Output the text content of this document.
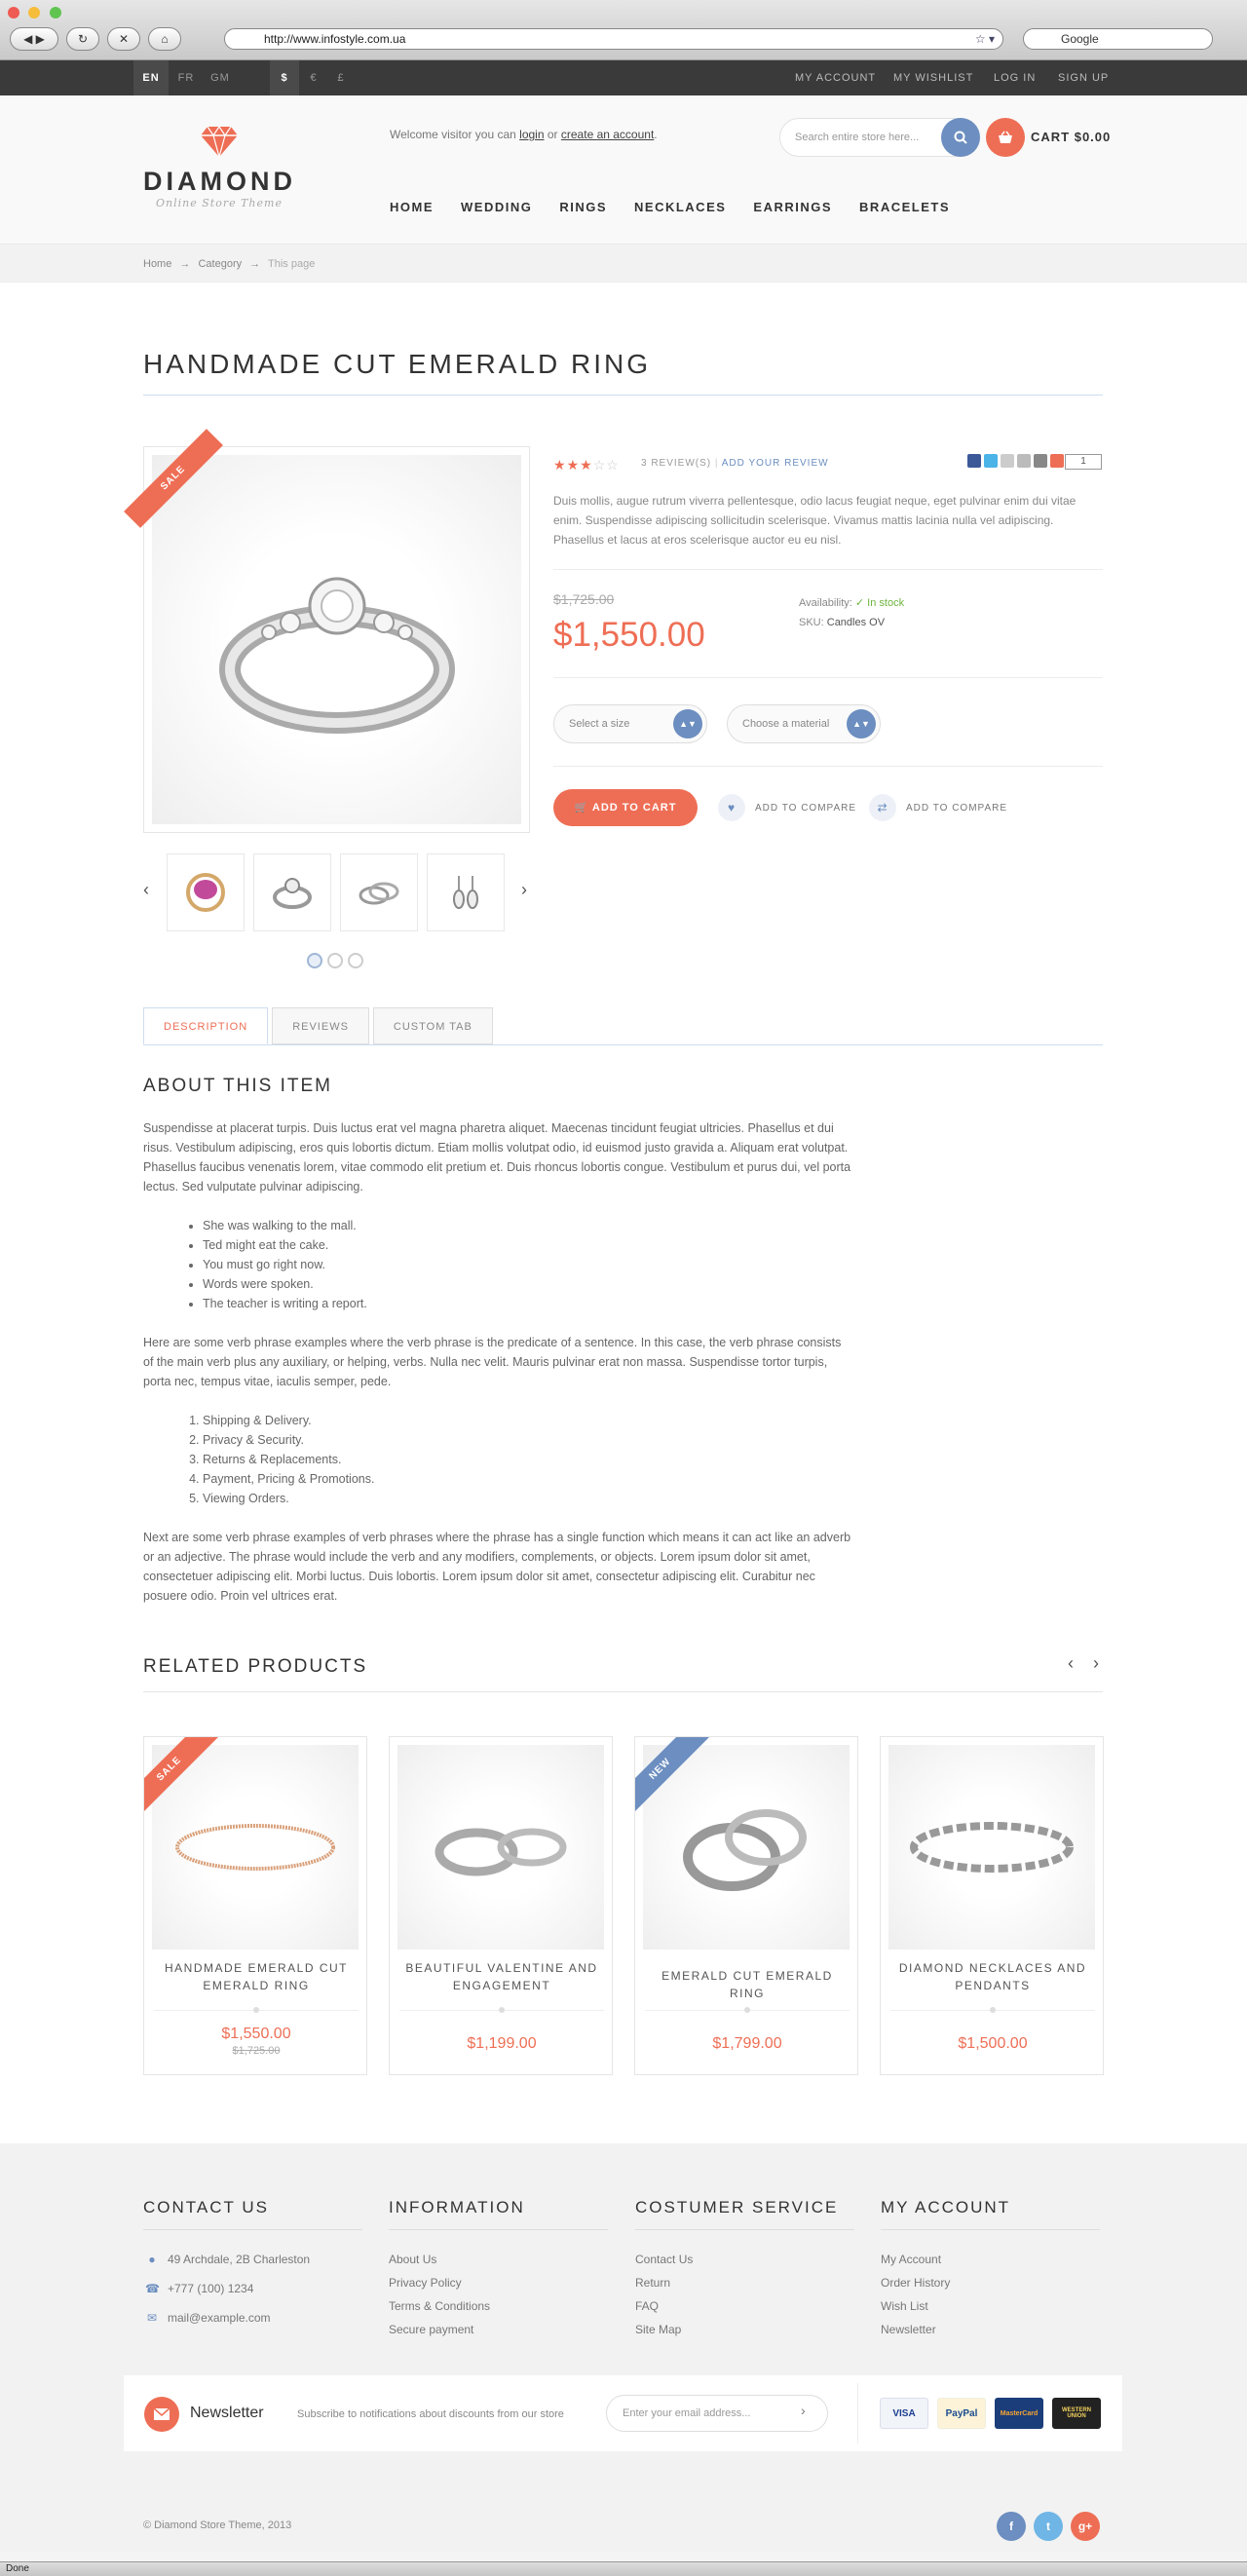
◀ ▶	↻	✕	⌂	http://www.infostyle.com.ua	☆ ▾	Google
EN	FR	GM	$	€	£	MY ACCOUNT MY WISHLIST LOG IN SIGN UP
DIAMOND
Online Store Theme
Welcome visitor you can login or create an account.	Search entire store here...	CART $0.00
HOME WEDDING RINGS NECKLACES EARRINGS BRACELETS
Home → Category → This page
HANDMADE CUT EMERALD RING
SALE
‹	›
★★★☆☆ 3 REVIEW(S) | ADD YOUR REVIEW	1
Duis mollis, augue rutrum viverra pellentesque, odio lacus feugiat neque, eget pulvinar enim dui vitae enim. Suspendisse adipiscing sollicitudin scelerisque. Vivamus mattis lacinia nulla vel adipiscing. Phasellus et lacus at eros scelerisque auctor eu eu nisl.
$1,725.00
$1,550.00
Availability: ✓ In stock
SKU: Candles OV
Select a size	▲▼	Choose a material	▲▼
🛒 ADD TO CART	♥	ADD TO COMPARE	⇄	ADD TO COMPARE
DESCRIPTION	REVIEWS	CUSTOM TAB
ABOUT THIS ITEM
Suspendisse at placerat turpis. Duis luctus erat vel magna pharetra aliquet. Maecenas tincidunt feugiat ultricies. Phasellus et dui risus. Vestibulum adipiscing, eros quis lobortis dictum. Etiam mollis volutpat odio, id euismod justo gravida a. Aliquam erat volutpat. Phasellus faucibus venenatis lorem, vitae commodo elit pretium et. Duis rhoncus lobortis congue. Vestibulum et purus dui, vel porta lectus. Sed vulputate pulvinar adipiscing.
• She was walking to the mall.
• Ted might eat the cake.
• You must go right now.
• Words were spoken.
• The teacher is writing a report.
Here are some verb phrase examples where the verb phrase is the predicate of a sentence. In this case, the verb phrase consists of the main verb plus any auxiliary, or helping, verbs. Nulla nec velit. Mauris pulvinar erat non massa. Suspendisse tortor turpis, porta nec, tempus vitae, iaculis semper, pede.
1. Shipping & Delivery.
2. Privacy & Security.
3. Returns & Replacements.
4. Payment, Pricing & Promotions.
5. Viewing Orders.
Next are some verb phrase examples of verb phrases where the phrase has a single function which means it can act like an adverb or an adjective. The phrase would include the verb and any modifiers, complements, or objects. Lorem ipsum dolor sit amet, consectetuer adipiscing elit. Morbi luctus. Duis lobortis. Lorem ipsum dolor sit amet, consectetur adipiscing elit. Curabitur nec posuere odio. Proin vel ultrices erat.
RELATED PRODUCTS	‹ ›
SALE
HANDMADE EMERALD CUT EMERALD RING
$1,550.00
$1,725.00
BEAUTIFUL VALENTINE AND ENGAGEMENT
$1,199.00
NEW
EMERALD CUT EMERALD RING
$1,799.00
DIAMOND NECKLACES AND PENDANTS
$1,500.00
CONTACT US
● 49 Archdale, 2B Charleston
☎ +777 (100) 1234
✉ mail@example.com
INFORMATION
About Us
Privacy Policy
Terms & Conditions
Secure payment
COSTUMER SERVICE
Contact Us
Return
FAQ
Site Map
MY ACCOUNT
My Account
Order History
Wish List
Newsletter
Newsletter	Subscribe to notifications about discounts from our store	Enter your email address...	›	VISA	PayPal	MasterCard	WESTERN UNION
© Diamond Store Theme, 2013	f	t	g+
Done
